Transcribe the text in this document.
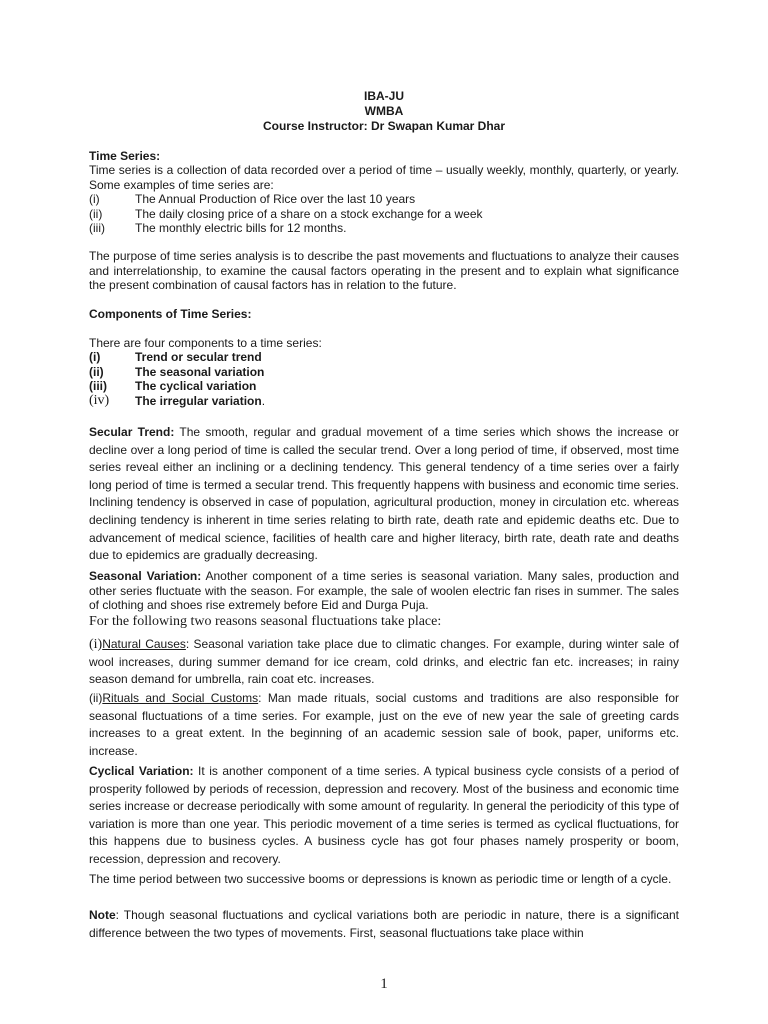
IBA-JU
WMBA
Course Instructor: Dr Swapan Kumar Dhar
Time Series:
Time series is a collection of data recorded over a period of time – usually weekly, monthly, quarterly, or yearly. Some examples of time series are:
(i)	The Annual Production of Rice over the last 10 years
(ii)	The daily closing price of a share on a stock exchange for a week
(iii)	The monthly electric bills for 12 months.
The purpose of time series analysis is to describe the past movements and fluctuations to analyze their causes and interrelationship, to examine the causal factors operating in the present and to explain what significance the present combination of causal factors has in relation to the future.
Components of Time Series:
There are four components to a time series:
(i)	Trend or secular trend
(ii)	The seasonal variation
(iii)	The cyclical variation
(iv)	The irregular variation.
Secular Trend: The smooth, regular and gradual movement of a time series which shows the increase or decline over a long period of time is called the secular trend. Over a long period of time, if observed, most time series reveal either an inclining or a declining tendency. This general tendency of a time series over a fairly long period of time is termed a secular trend. This frequently happens with business and economic time series. Inclining tendency is observed in case of population, agricultural production, money in circulation etc. whereas declining tendency is inherent in time series relating to birth rate, death rate and epidemic deaths etc. Due to advancement of medical science, facilities of health care and higher literacy, birth rate, death rate and deaths due to epidemics are gradually decreasing.
Seasonal Variation: Another component of a time series is seasonal variation. Many sales, production and other series fluctuate with the season. For example, the sale of woolen electric fan rises in summer. The sales of clothing and shoes rise extremely before Eid and Durga Puja.
For the following two reasons seasonal fluctuations take place:
(i)Natural Causes: Seasonal variation take place due to climatic changes. For example, during winter sale of wool increases, during summer demand for ice cream, cold drinks, and electric fan etc. increases; in rainy season demand for umbrella, rain coat etc. increases.
(ii)Rituals and Social Customs: Man made rituals, social customs and traditions are also responsible for seasonal fluctuations of a time series. For example, just on the eve of new year the sale of greeting cards increases to a great extent. In the beginning of an academic session sale of book, paper, uniforms etc. increase.
Cyclical Variation: It is another component of a time series. A typical business cycle consists of a period of prosperity followed by periods of recession, depression and recovery. Most of the business and economic time series increase or decrease periodically with some amount of regularity. In general the periodicity of this type of variation is more than one year. This periodic movement of a time series is termed as cyclical fluctuations, for this happens due to business cycles. A business cycle has got four phases namely prosperity or boom, recession, depression and recovery.
The time period between two successive booms or depressions is known as periodic time or length of a cycle.
Note: Though seasonal fluctuations and cyclical variations both are periodic in nature, there is a significant difference between the two types of movements. First, seasonal fluctuations take place within
1
